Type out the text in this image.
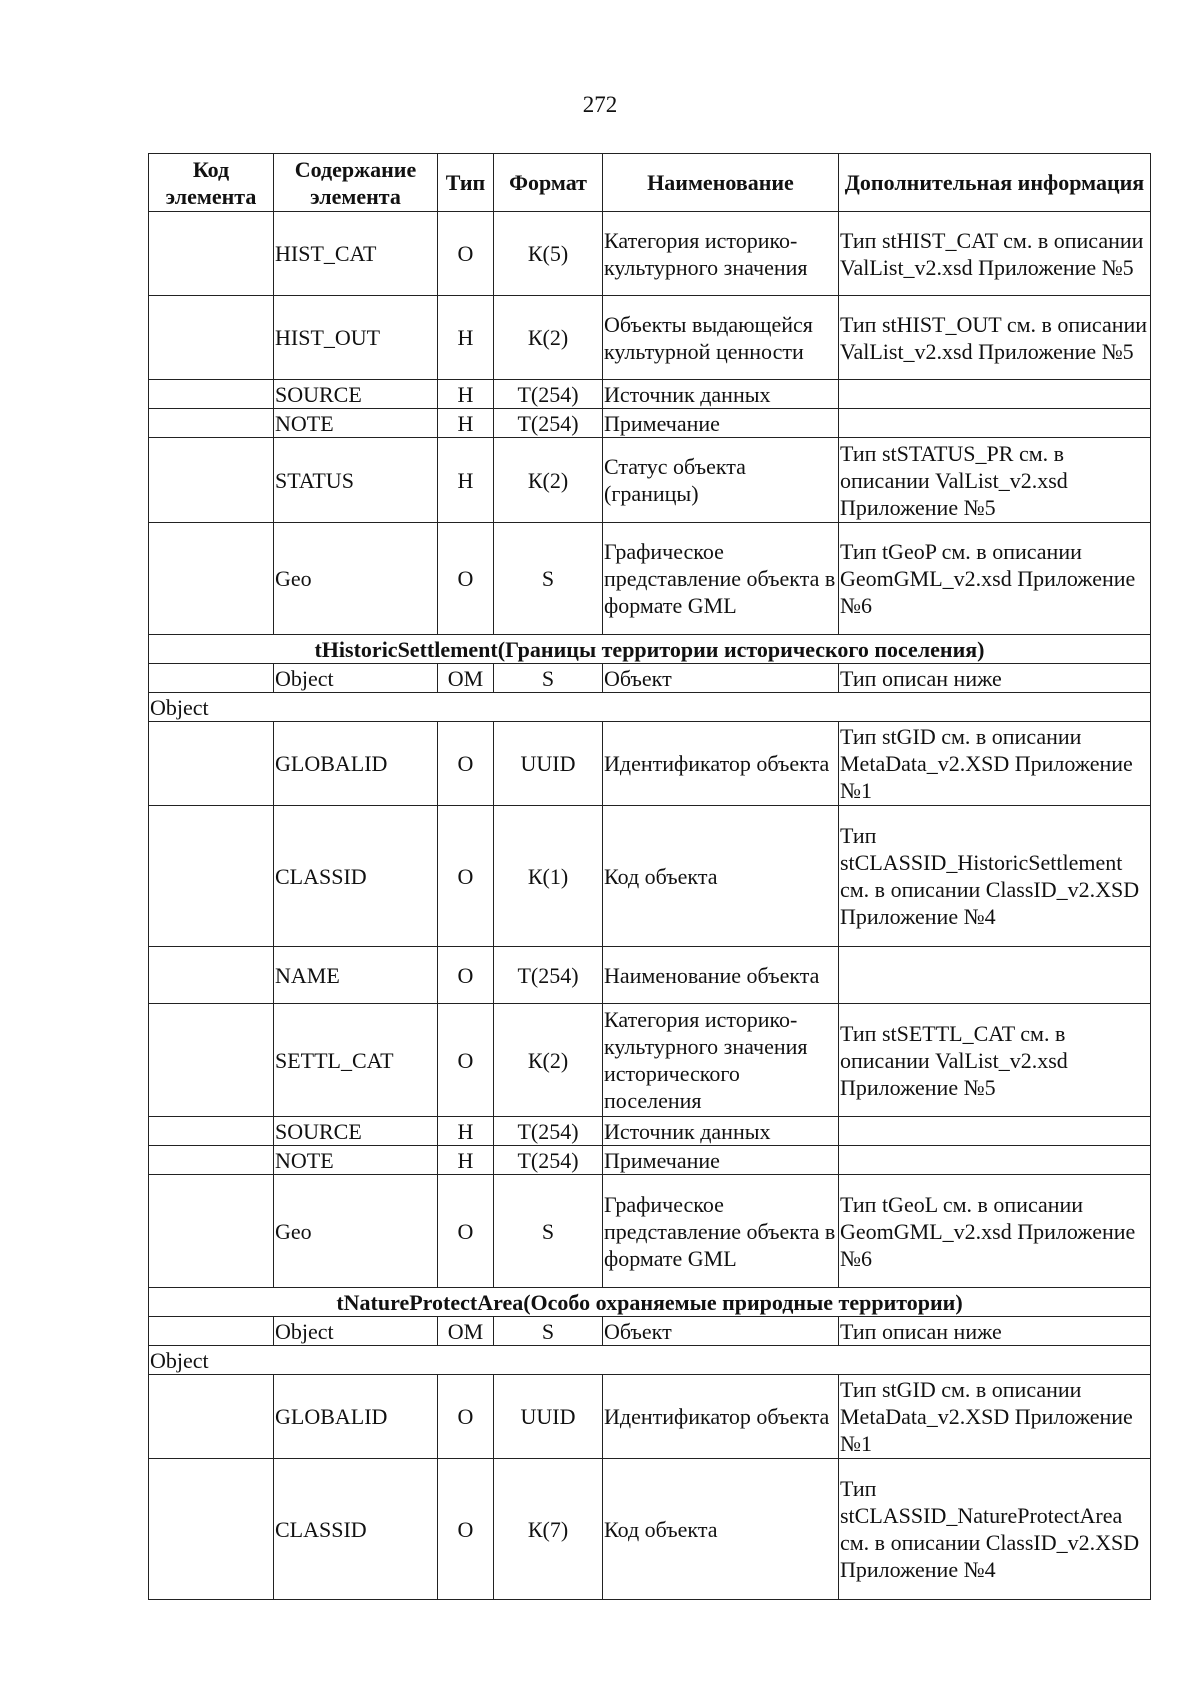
272
Код элемента	Содержание элемента	Тип	Формат	Наименование	Дополнительная информация
	HIST_CAT	О	К(5)	Категория историко-культурного значения	Тип stHIST_CAT см. в описании ValList_v2.xsd Приложение №5
	HIST_OUT	Н	К(2)	Объекты выдающейся культурной ценности	Тип stHIST_OUT см. в описании ValList_v2.xsd Приложение №5
	SOURCE	Н	Т(254)	Источник данных	
	NOTE	Н	Т(254)	Примечание	
	STATUS	Н	К(2)	Статус объекта (границы)	Тип stSTATUS_PR см. в описании ValList_v2.xsd Приложение №5
	Geo	О	S	Графическое представление объекта в формате GML	Тип tGeoP см. в описании GeomGML_v2.xsd Приложение №6
tHistoricSettlement(Границы территории исторического поселения)					
	Object	ОМ	S	Объект	Тип описан ниже
Object					
	GLOBALID	О	UUID	Идентификатор объекта	Тип stGID см. в описании MetaData_v2.XSD Приложение №1
	CLASSID	О	К(1)	Код объекта	Тип stCLASSID_HistoricSettlement см. в описании ClassID_v2.XSD Приложение №4
	NAME	О	Т(254)	Наименование объекта	
	SETTL_CAT	О	К(2)	Категория историко-культурного значения исторического поселения	Тип stSETTL_CAT см. в описании ValList_v2.xsd Приложение №5
	SOURCE	Н	Т(254)	Источник данных	
	NOTE	Н	Т(254)	Примечание	
	Geo	О	S	Графическое представление объекта в формате GML	Тип tGeoL см. в описании GeomGML_v2.xsd Приложение №6
tNatureProtectArea(Особо охраняемые природные территории)					
	Object	ОМ	S	Объект	Тип описан ниже
Object					
	GLOBALID	О	UUID	Идентификатор объекта	Тип stGID см. в описании MetaData_v2.XSD Приложение №1
	CLASSID	О	К(7)	Код объекта	Тип stCLASSID_NatureProtectArea см. в описании ClassID_v2.XSD Приложение №4
